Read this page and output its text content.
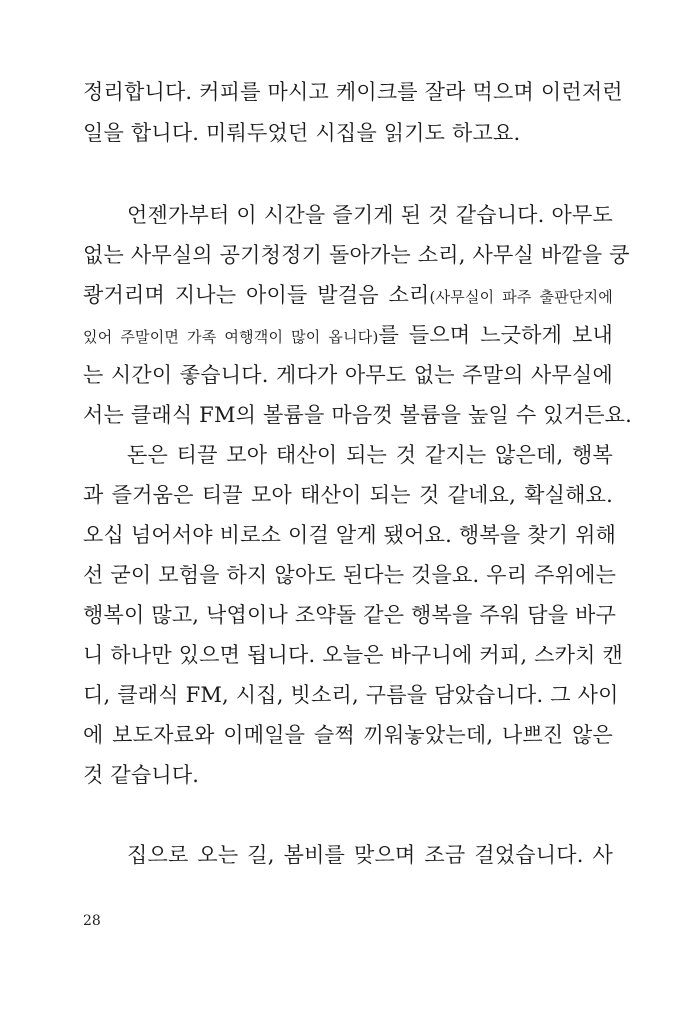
정리합니다. 커피를 마시고 케이크를 잘라 먹으며 이런저런
일을 합니다. 미뤄두었던 시집을 읽기도 하고요.
언젠가부터 이 시간을 즐기게 된 것 같습니다. 아무도
없는 사무실의 공기청정기 돌아가는 소리, 사무실 바깥을 쿵
쾅거리며 지나는 아이들 발걸음 소리(사무실이 파주 출판단지에
있어 주말이면 가족 여행객이 많이 옵니다)를 들으며 느긋하게 보내
는 시간이 좋습니다. 게다가 아무도 없는 주말의 사무실에
서는 클래식 FM의 볼륨을 마음껏 볼륨을 높일 수 있거든요.
돈은 티끌 모아 태산이 되는 것 같지는 않은데, 행복
과 즐거움은 티끌 모아 태산이 되는 것 같네요, 확실해요.
오십 넘어서야 비로소 이걸 알게 됐어요. 행복을 찾기 위해
선 굳이 모험을 하지 않아도 된다는 것을요. 우리 주위에는
행복이 많고, 낙엽이나 조약돌 같은 행복을 주워 담을 바구
니 하나만 있으면 됩니다. 오늘은 바구니에 커피, 스카치 캔
디, 클래식 FM, 시집, 빗소리, 구름을 담았습니다. 그 사이
에 보도자료와 이메일을 슬쩍 끼워놓았는데, 나쁘진 않은
것 같습니다.
집으로 오는 길, 봄비를 맞으며 조금 걸었습니다. 사
28
